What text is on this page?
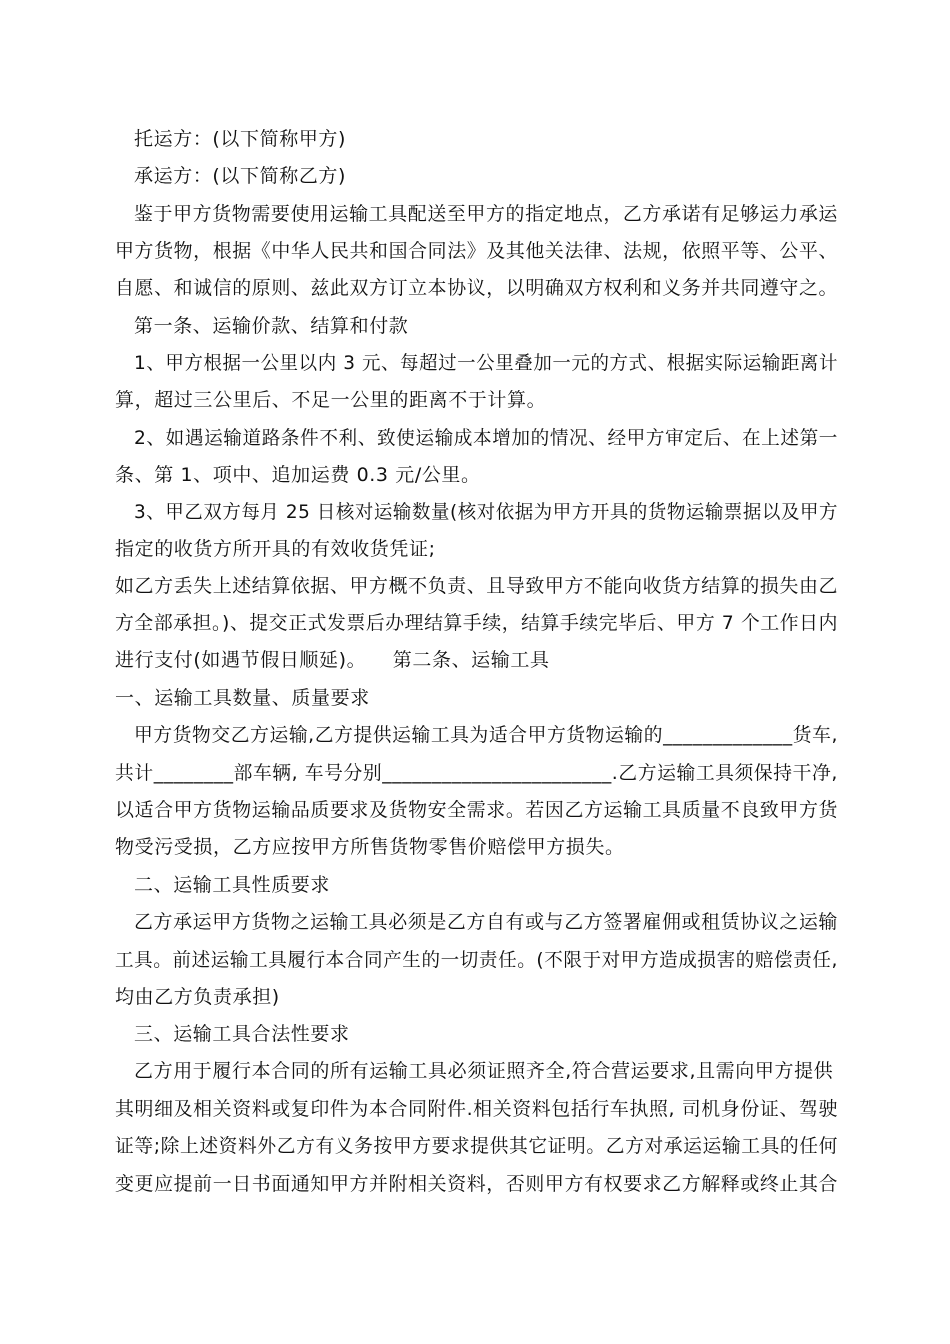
托运方：(以下简称甲方)
承运方：(以下简称乙方)
鉴于甲方货物需要使用运输工具配送至甲方的指定地点，乙方承诺有足够运力承运
甲方货物，根据《中华人民共和国合同法》及其他关法律、法规，依照平等、公平、
自愿、和诚信的原则、兹此双方订立本协议，以明确双方权利和义务并共同遵守之。
第一条、运输价款、结算和付款
1、甲方根据一公里以内 3 元、每超过一公里叠加一元的方式、根据实际运输距离计
算，超过三公里后、不足一公里的距离不于计算。
2、如遇运输道路条件不利、致使运输成本增加的情况、经甲方审定后、在上述第一
条、第 1、项中、追加运费 0.3 元/公里。
3、甲乙双方每月 25 日核对运输数量(核对依据为甲方开具的货物运输票据以及甲方
指定的收货方所开具的有效收货凭证;
如乙方丢失上述结算依据、甲方概不负责、且导致甲方不能向收货方结算的损失由乙
方全部承担。)、提交正式发票后办理结算手续，结算手续完毕后、甲方 7 个工作日内
进行支付(如遇节假日顺延)。    第二条、运输工具
一、运输工具数量、质量要求
甲方货物交乙方运输,乙方提供运输工具为适合甲方货物运输的_____________货车,
共计________部车辆, 车号分别_______________________.乙方运输工具须保持干净,
以适合甲方货物运输品质要求及货物安全需求。若因乙方运输工具质量不良致甲方货
物受污受损，乙方应按甲方所售货物零售价赔偿甲方损失。
二、运输工具性质要求
乙方承运甲方货物之运输工具必须是乙方自有或与乙方签署雇佣或租赁协议之运输
工具。前述运输工具履行本合同产生的一切责任。(不限于对甲方造成损害的赔偿责任,
均由乙方负责承担)
三、运输工具合法性要求
乙方用于履行本合同的所有运输工具必须证照齐全,符合营运要求,且需向甲方提供
其明细及相关资料或复印件为本合同附件.相关资料包括行车执照, 司机身份证、驾驶
证等;除上述资料外乙方有义务按甲方要求提供其它证明。乙方对承运运输工具的任何
变更应提前一日书面通知甲方并附相关资料，否则甲方有权要求乙方解释或终止其合
